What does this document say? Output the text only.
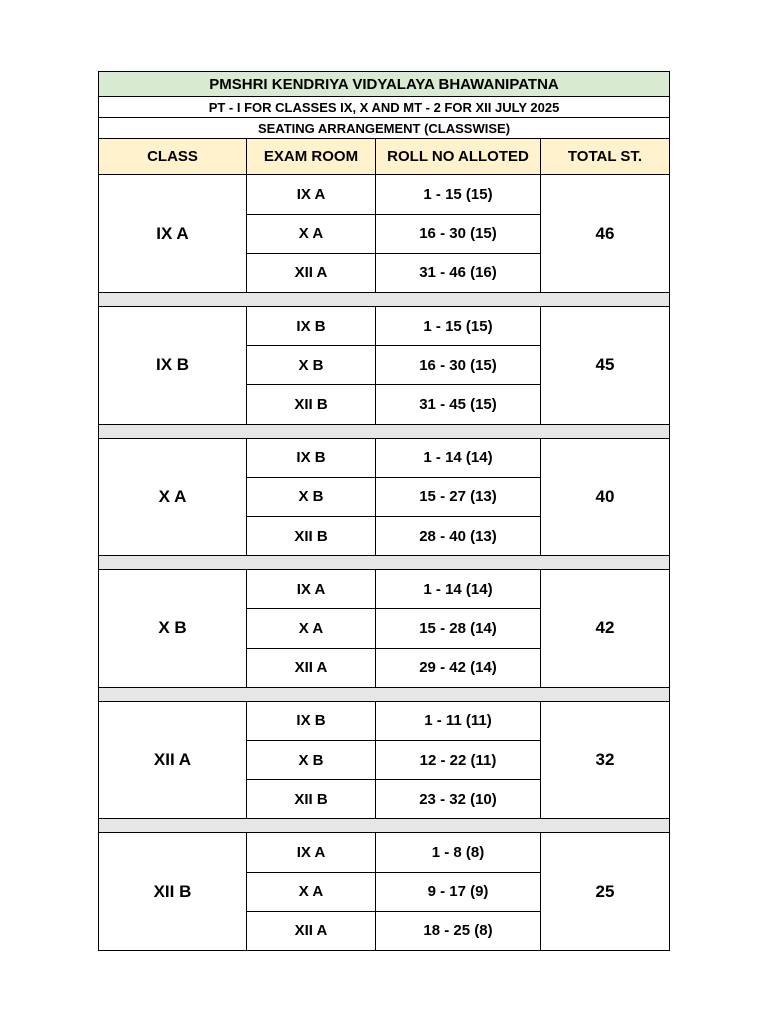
PMSHRI KENDRIYA VIDYALAYA BHAWANIPATNA			
PT - I FOR CLASSES IX, X AND MT - 2 FOR XII JULY 2025			
SEATING ARRANGEMENT (CLASSWISE)			
CLASS	EXAM ROOM	ROLL NO ALLOTED	TOTAL ST.
IX A	IX A	1 - 15 (15)	46
	X A	16 - 30 (15)	
	XII A	31 - 46 (16)	

IX B	IX B	1 - 15 (15)	45
	X B	16 - 30 (15)	
	XII B	31 - 45 (15)	

X A	IX B	1 - 14 (14)	40
	X B	15 - 27 (13)	
	XII B	28 - 40 (13)	

X B	IX A	1 - 14 (14)	42
	X A	15 - 28 (14)	
	XII A	29 - 42 (14)	

XII A	IX B	1 - 11 (11)	32
	X B	12 - 22 (11)	
	XII B	23 - 32 (10)	

XII B	IX A	1 - 8 (8)	25
	X A	9 - 17 (9)	
	XII A	18 - 25 (8)	
